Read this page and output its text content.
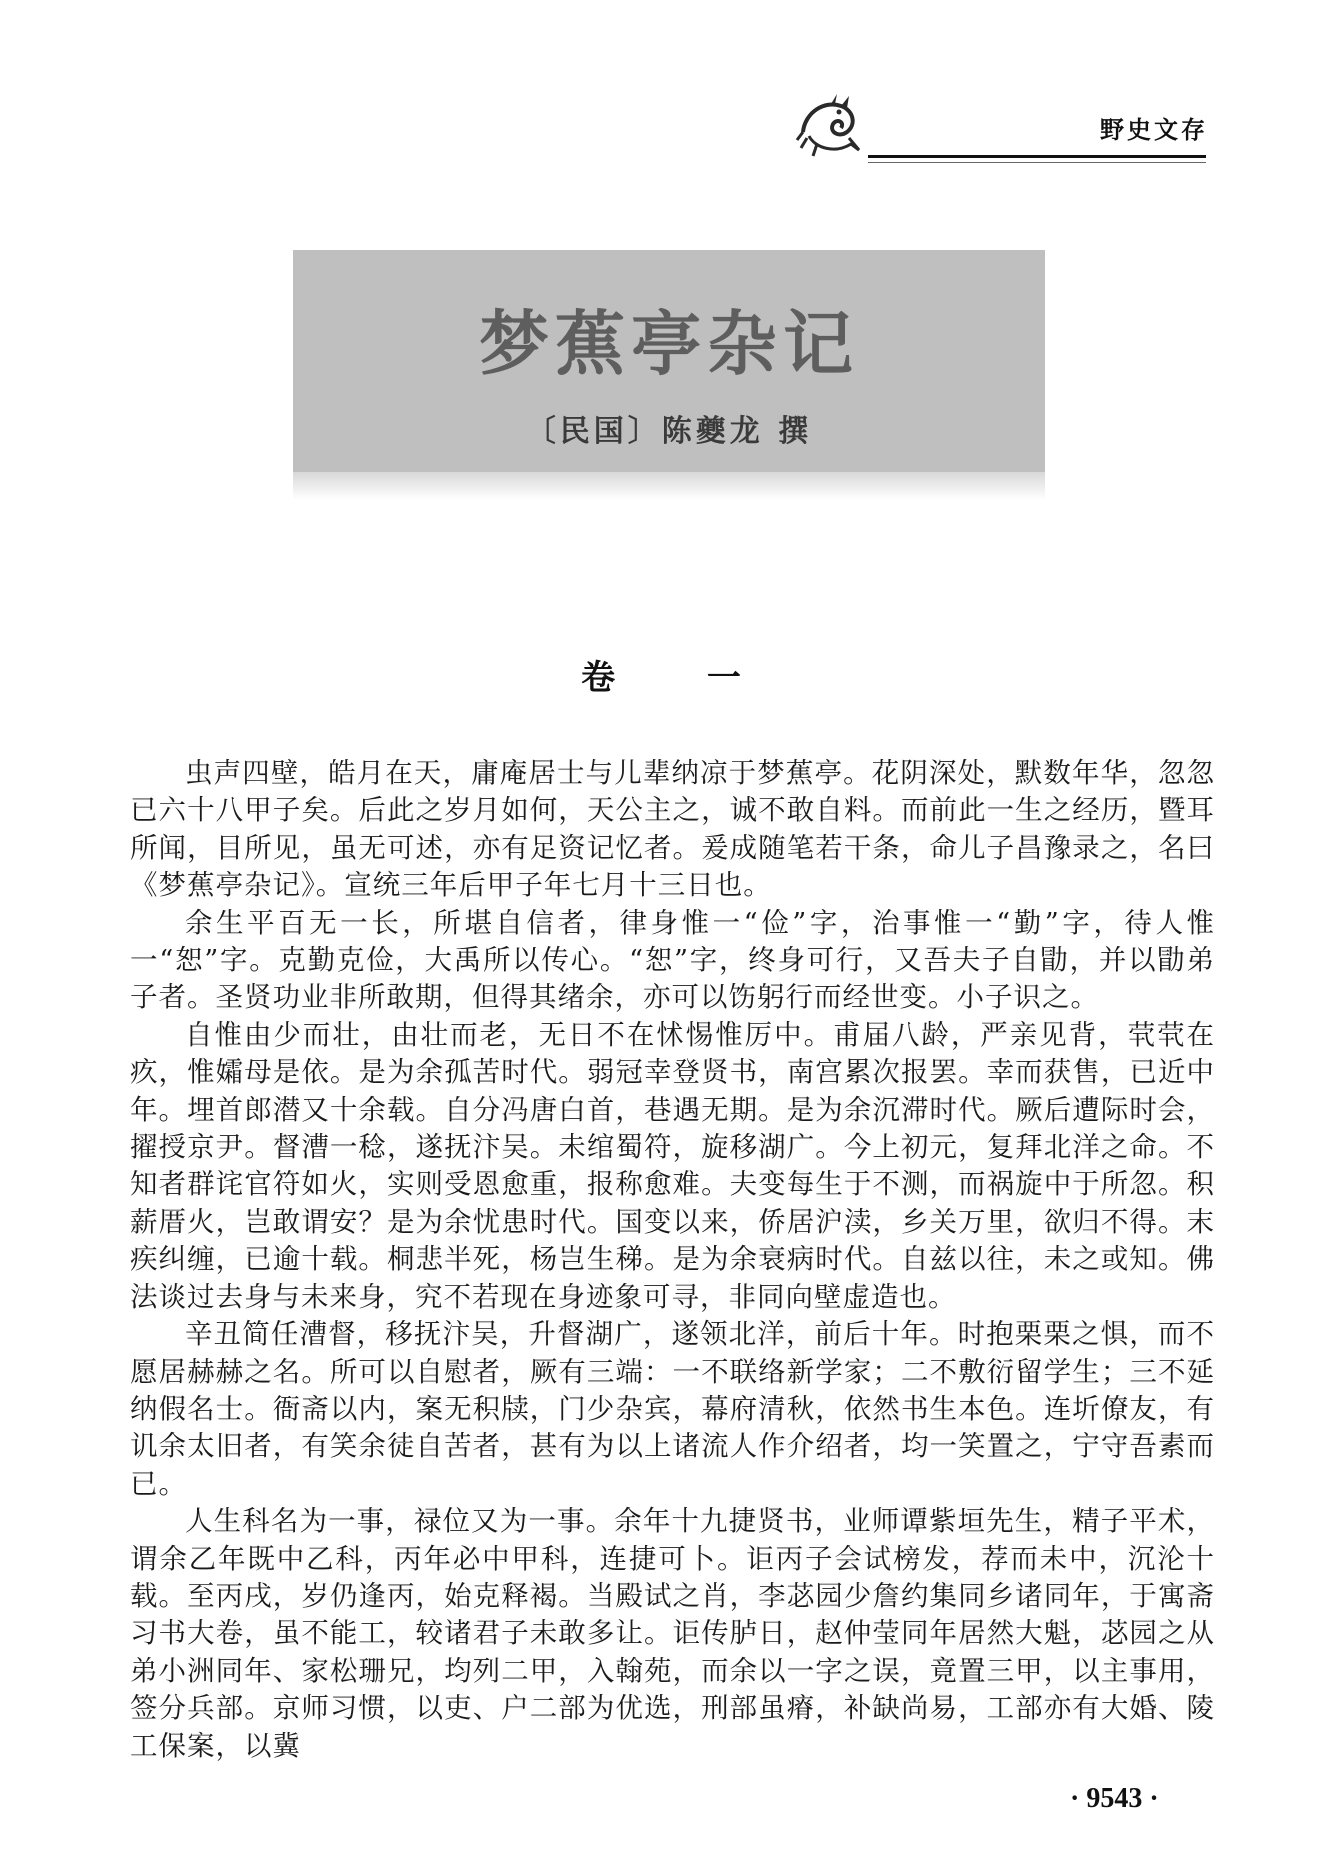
野史文存
梦蕉亭杂记
〔民国〕陈夔龙 撰
卷 一

虫声四壁，皓月在天，庸庵居士与儿辈纳凉于梦蕉亭。花阴深处，默数年华，忽忽已六十八甲子矣。后此之岁月如何，天公主之，诚不敢自料。而前此一生之经历，暨耳所闻，目所见，虽无可述，亦有足资记忆者。爰成随笔若干条，命儿子昌豫录之，名曰《梦蕉亭杂记》。宣统三年后甲子年七月十三日也。

余生平百无一长，所堪自信者，律身惟一“俭”字，治事惟一“勤”字，待人惟一“恕”字。克勤克俭，大禹所以传心。“恕”字，终身可行，又吾夫子自勖，并以勖弟子者。圣贤功业非所敢期，但得其绪余，亦可以饬躬行而经世变。小子识之。

自惟由少而壮，由壮而老，无日不在怵惕惟厉中。甫届八龄，严亲见背，茕茕在疚，惟孀母是依。是为余孤苦时代。弱冠幸登贤书，南宫累次报罢。幸而获售，已近中年。埋首郎潜又十余载。自分冯唐白首，巷遇无期。是为余沉滞时代。厥后遭际时会，擢授京尹。督漕一稔，遂抚汴吴。未绾蜀符，旋移湖广。今上初元，复拜北洋之命。不知者群诧官符如火，实则受恩愈重，报称愈难。夫变每生于不测，而祸旋中于所忽。积薪厝火，岂敢谓安？是为余忧患时代。国变以来，侨居沪渎，乡关万里，欲归不得。末疾纠缠，已逾十载。桐悲半死，杨岂生稊。是为余衰病时代。自兹以往，未之或知。佛法谈过去身与未来身，究不若现在身迹象可寻，非同向壁虚造也。

辛丑简任漕督，移抚汴吴，升督湖广，遂领北洋，前后十年。时抱栗栗之惧，而不愿居赫赫之名。所可以自慰者，厥有三端：一不联络新学家；二不敷衍留学生；三不延纳假名士。衙斋以内，案无积牍，门少杂宾，幕府清秋，依然书生本色。连圻僚友，有讥余太旧者，有笑余徒自苦者，甚有为以上诸流人作介绍者，均一笑置之，宁守吾素而已。

人生科名为一事，禄位又为一事。余年十九捷贤书，业师谭紫垣先生，精子平术，谓余乙年既中乙科，丙年必中甲科，连捷可卜。讵丙子会试榜发，荐而未中，沉沦十载。至丙戌，岁仍逢丙，始克释褐。当殿试之肖，李苾园少詹约集同乡诸同年，于寓斋习书大卷，虽不能工，较诸君子未敢多让。讵传胪日，赵仲莹同年居然大魁，苾园之从弟小洲同年、家松珊兄，均列二甲，入翰苑，而余以一字之误，竟置三甲，以主事用，签分兵部。京师习惯，以吏、户二部为优选，刑部虽瘠，补缺尚易，工部亦有大婚、陵工保案，以冀

· 9543 ·
